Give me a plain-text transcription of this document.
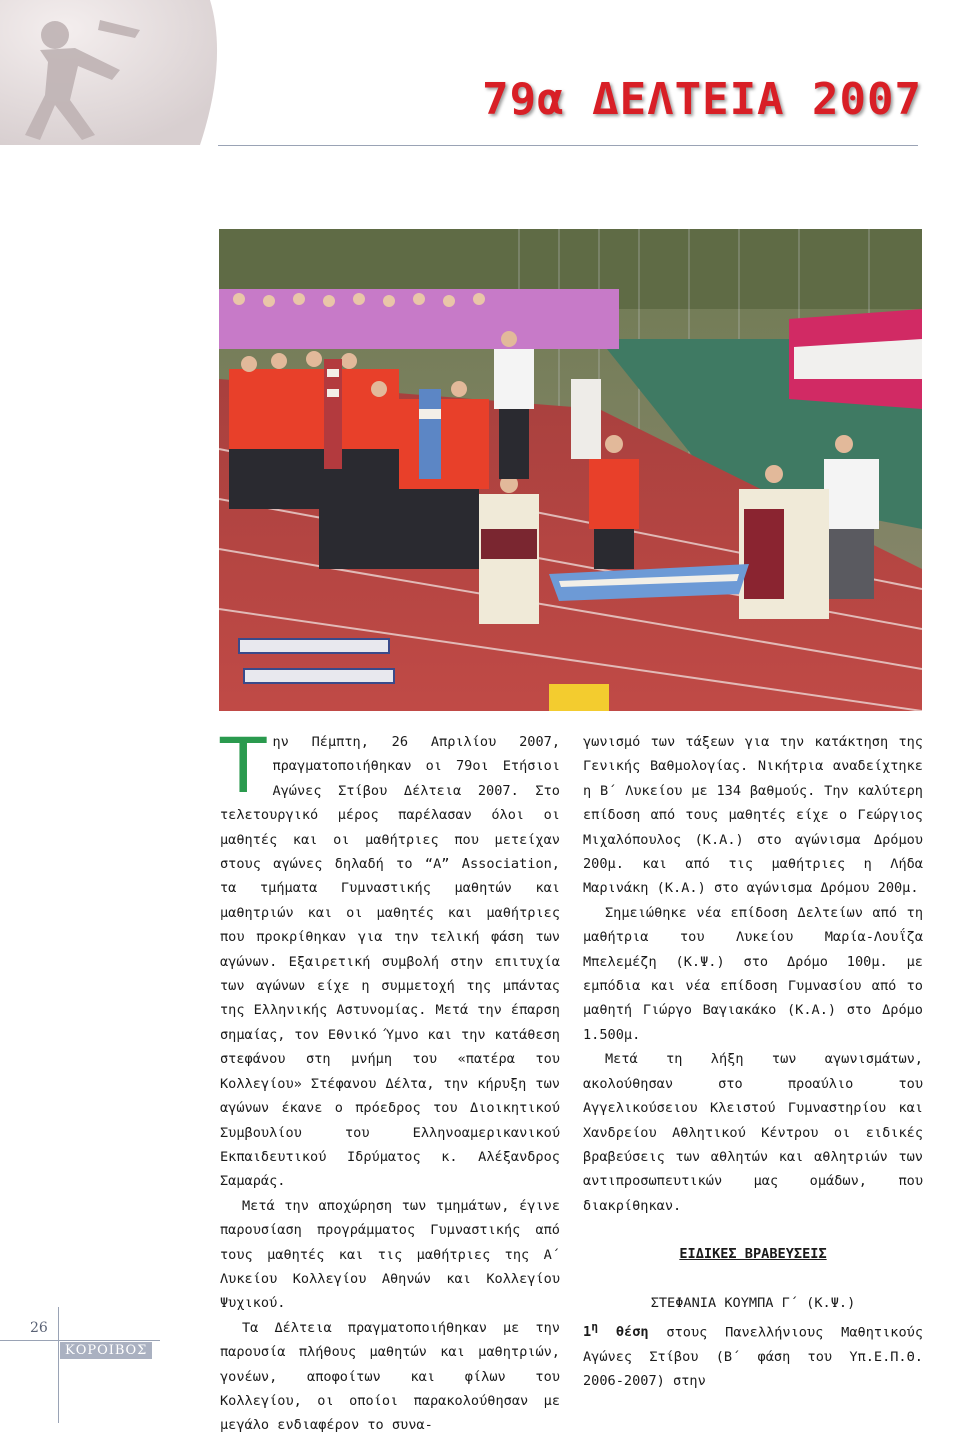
79α ΔΕΛΤΕΙΑ 2007

Την Πέμπτη, 26 Απριλίου 2007, πραγματοποιήθηκαν οι 79οι Ετήσιοι Αγώνες Στίβου Δέλτεια 2007. Στο τελετουργικό μέρος παρέλασαν όλοι οι μαθητές και οι μαθήτριες που μετείχαν στους αγώνες δηλαδή το “Α” Association, τα τμήματα Γυμναστικής μαθητών και μαθητριών και οι μαθητές και μαθήτριες που προκρίθηκαν για την τελική φάση των αγώνων. Εξαιρετική συμβολή στην επιτυχία των αγώνων είχε η συμμετοχή της μπάντας της Ελληνικής Αστυνομίας. Μετά την έπαρση σημαίας, τον Εθνικό Ύμνο και την κατάθεση στεφάνου στη μνήμη του «πατέρα του Κολλεγίου» Στέφανου Δέλτα, την κήρυξη των αγώνων έκανε ο πρόεδρος του Διοικητικού Συμβουλίου του Ελληνοαμερικανικού Εκπαιδευτικού Ιδρύματος κ. Αλέξανδρος Σαμαράς.

Μετά την αποχώρηση των τμημάτων, έγινε παρουσίαση προγράμματος Γυμναστικής από τους μαθητές και τις μαθήτριες της Α΄ Λυκείου Κολλεγίου Αθηνών και Κολλεγίου Ψυχικού.

Τα Δέλτεια πραγματοποιήθηκαν με την παρουσία πλήθους μαθητών και μαθητριών, γονέων, αποφοίτων και φίλων του Κολλεγίου, οι οποίοι παρακολούθησαν με μεγάλο ενδιαφέρον το συνα-

γωνισμό των τάξεων για την κατάκτηση της Γενικής Βαθμολογίας. Νικήτρια αναδείχτηκε η Β΄ Λυκείου με 134 βαθμούς. Την καλύτερη επίδοση από τους μαθητές είχε ο Γεώργιος Μιχαλόπουλος (Κ.Α.) στο αγώνισμα Δρόμου 200μ. και από τις μαθήτριες η Λήδα Μαρινάκη (Κ.Α.) στο αγώνισμα Δρόμου 200μ.

Σημειώθηκε νέα επίδοση Δελτείων από τη μαθήτρια του Λυκείου Μαρία-Λουΐζα Μπελεμέζη (Κ.Ψ.) στο Δρόμο 100μ. με εμπόδια και νέα επίδοση Γυμνασίου από το μαθητή Γιώργο Βαγιακάκο (Κ.Α.) στο Δρόμο 1.500μ.

Μετά τη λήξη των αγωνισμάτων, ακολούθησαν στο προαύλιο του Αγγελικούσειου Κλειστού Γυμναστηρίου και Χανδρείου Αθλητικού Κέντρου οι ειδικές βραβεύσεις των αθλητών και αθλητριών των αντιπροσωπευτικών μας ομάδων, που διακρίθηκαν.

ΕΙΔΙΚΕΣ ΒΡΑΒΕΥΣΕΙΣ

ΣΤΕΦΑΝΙΑ ΚΟΥΜΠΑ Γ΄ (Κ.Ψ.)

$1^\eta$ θέση στους Πανελλήνιους Μαθητικούς Αγώνες Στίβου (Β΄ φάση του Υπ.Ε.Π.Θ. 2006-2007) στην

26
ΚΟΡΟΙΒΟΣ
